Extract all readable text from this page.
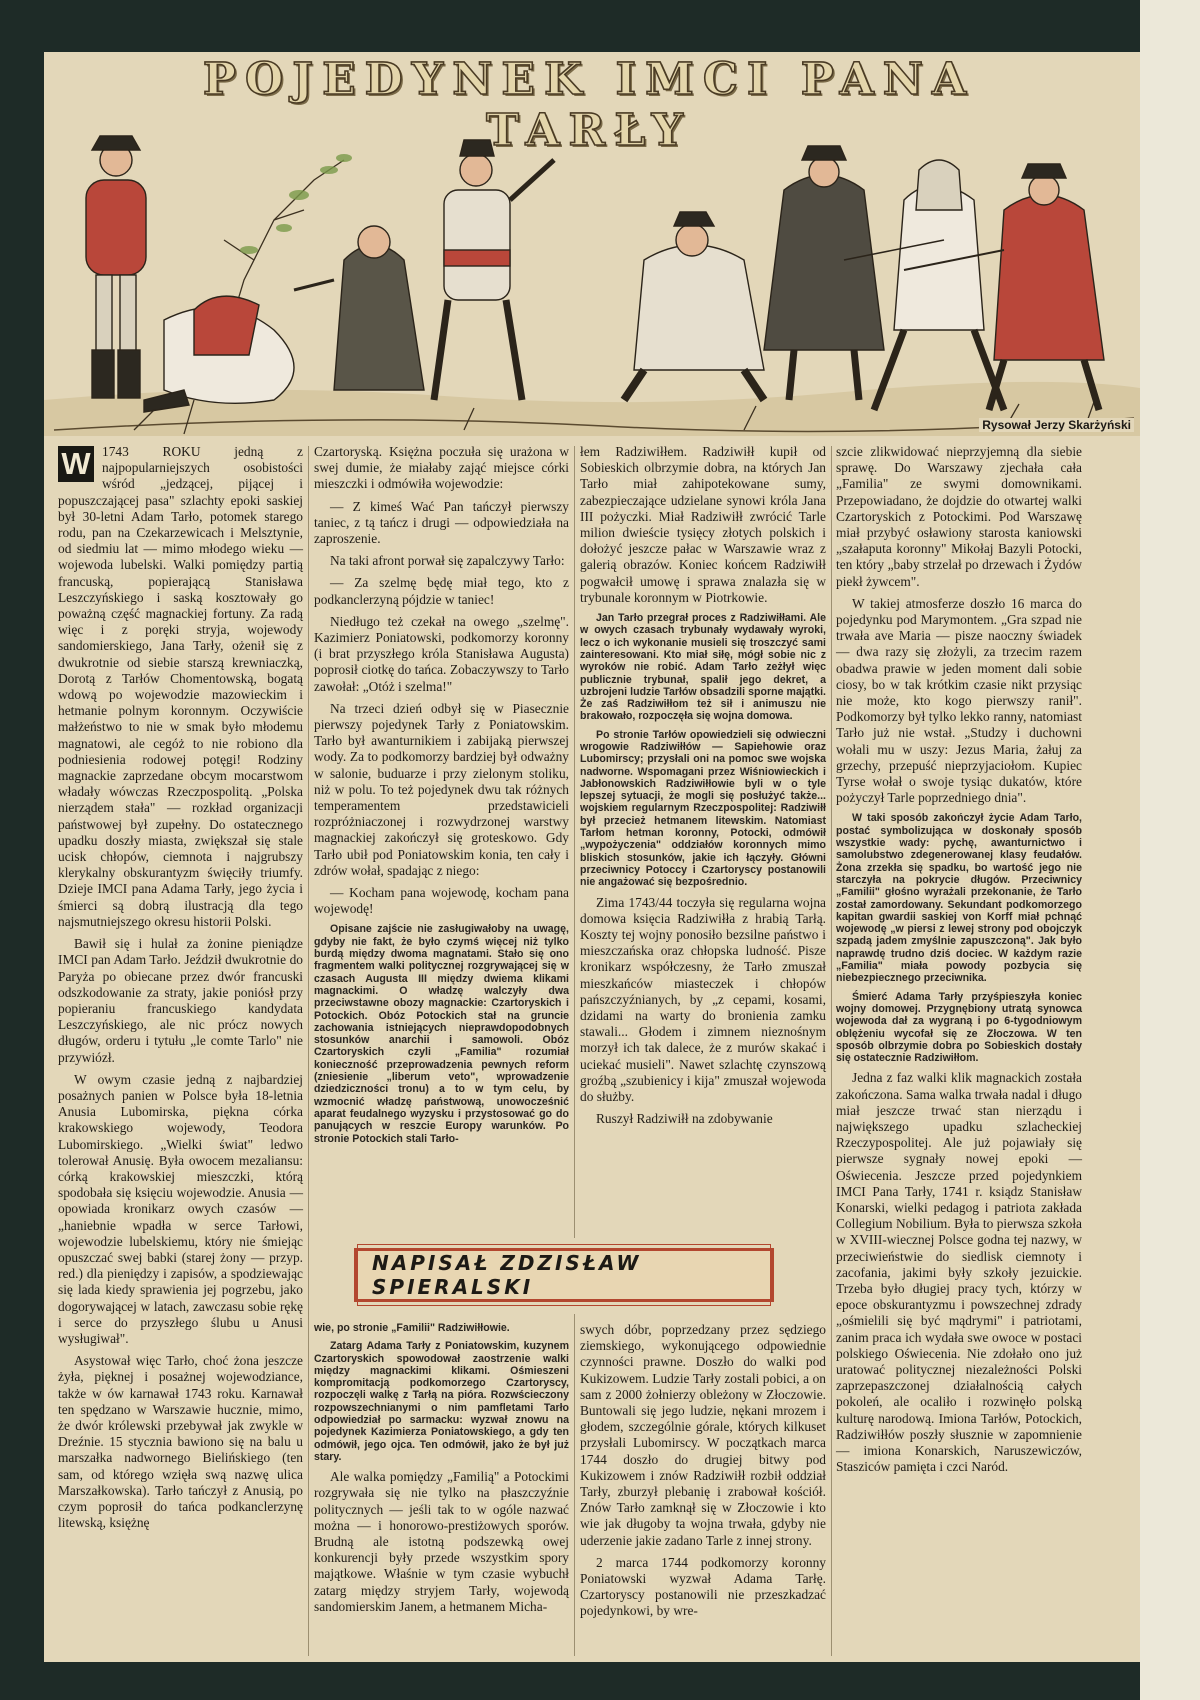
POJEDYNEK IMCI PANA TARŁY
Rysował Jerzy Skarżyński

W 1743 ROKU jedną z najpopularniejszych osobistości wśród „jedzącej, pijącej i popuszczającej pasa" szlachty epoki saskiej był 30-letni Adam Tarło, potomek starego rodu, pan na Czekarzewicach i Melsztynie, od siedmiu lat — mimo młodego wieku — wojewoda lubelski. Walki pomiędzy partią francuską, popierającą Stanisława Leszczyńskiego i saską kosztowały go poważną część magnackiej fortuny. Za radą więc i z poręki stryja, wojewody sandomierskiego, Jana Tarły, ożenił się z dwukrotnie od siebie starszą krewniaczką, Dorotą z Tarłów Chomentowską, bogatą wdową po wojewodzie mazowieckim i hetmanie polnym koronnym. Oczywiście małżeństwo to nie w smak było młodemu magnatowi, ale cegóż to nie robiono dla podniesienia rodowej potęgi! Rodziny magnackie zaprzedane obcym mocarstwom władały wówczas Rzeczpospolitą. „Polska nierządem stała" — rozkład organizacji państwowej był zupełny. Do ostatecznego upadku doszły miasta, zwiększał się stale ucisk chłopów, ciemnota i najgrubszy klerykalny obskurantyzm święciły triumfy. Dzieje IMCI pana Adama Tarły, jego życia i śmierci są dobrą ilustracją dla tego najsmutniejszego okresu historii Polski.

Bawił się i hulał za żonine pieniądze IMCI pan Adam Tarło. Jeździł dwukrotnie do Paryża po obiecane przez dwór francuski odszkodowanie za straty, jakie poniósł przy popieraniu francuskiego kandydata Leszczyńskiego, ale nic prócz nowych długów, orderu i tytułu „le comte Tarlo" nie przywiózł.

W owym czasie jedną z najbardziej posażnych panien w Polsce była 18-letnia Anusia Lubomirska, piękna córka krakowskiego wojewody, Teodora Lubomirskiego. „Wielki świat" ledwo tolerował Anusię. Była owocem mezaliansu: córką krakowskiej mieszczki, którą spodobała się księciu wojewodzie. Anusia — opowiada kronikarz owych czasów — „haniebnie wpadła w serce Tarłowi, wojewodzie lubelskiemu, który nie śmiejąc opuszczać swej babki (starej żony — przyp. red.) dla pieniędzy i zapisów, a spodziewając się lada kiedy sprawienia jej pogrzebu, jako dogorywającej w latach, zawczasu sobie rękę i serce do przyszłego ślubu u Anusi wysługiwał".

Asystował więc Tarło, choć żona jeszcze żyła, pięknej i posażnej wojewodziance, także w ów karnawał 1743 roku. Karnawał ten spędzano w Warszawie hucznie, mimo, że dwór królewski przebywał jak zwykle w Dreźnie. 15 stycznia bawiono się na balu u marszałka nadwornego Bielińskiego (ten sam, od którego wzięła swą nazwę ulica Marszałkowska). Tarło tańczył z Anusią, po czym poprosił do tańca podkanclerzynę litewską, księżnę

Czartoryską. Księżna poczuła się urażona w swej dumie, że miałaby zająć miejsce córki mieszczki i odmówiła wojewodzie:

— Z kimeś Wać Pan tańczył pierwszy taniec, z tą tańcz i drugi — odpowiedziała na zaproszenie.

Na taki afront porwał się zapalczywy Tarło:

— Za szelmę będę miał tego, kto z podkanclerzyną pójdzie w taniec!

Niedługo też czekał na owego „szelmę". Kazimierz Poniatowski, podkomorzy koronny (i brat przyszłego króla Stanisława Augusta) poprosił ciotkę do tańca. Zobaczywszy to Tarło zawołał: „Otóż i szelma!"

Na trzeci dzień odbył się w Piasecznie pierwszy pojedynek Tarły z Poniatowskim. Tarło był awanturnikiem i zabijaką pierwszej wody. Za to podkomorzy bardziej był odważny w salonie, buduarze i przy zielonym stoliku, niż w polu. To też pojedynek dwu tak różnych temperamentem przedstawicieli rozpróżniaczonej i rozwydrzonej warstwy magnackiej zakończył się groteskowo. Gdy Tarło ubił pod Poniatowskim konia, ten cały i zdrów wołał, spadając z niego:

— Kocham pana wojewodę, kocham pana wojewodę!

Opisane zajście nie zasługiwałoby na uwagę, gdyby nie fakt, że było czymś więcej niż tylko burdą między dwoma magnatami. Stało się ono fragmentem walki politycznej rozgrywającej się w czasach Augusta III między dwiema klikami magnackimi. O władzę walczyły dwa przeciwstawne obozy magnackie: Czartoryskich i Potockich. Obóz Potockich stał na gruncie zachowania istniejących nieprawdopodobnych stosunków anarchii i samowoli. Obóz Czartoryskich czyli „Familia" rozumiał konieczność przeprowadzenia pewnych reform (zniesienie „liberum veto", wprowadzenie dziedziczności tronu) a to w tym celu, by wzmocnić władzę państwową, unowocześnić aparat feudalnego wyzysku i przystosować go do panujących w reszcie Europy warunków. Po stronie Potockich stali Tarło-

łem Radziwiłłem. Radziwiłł kupił od Sobieskich olbrzymie dobra, na których Jan Tarło miał zahipotekowane sumy, zabezpieczające udzielane synowi króla Jana III pożyczki. Miał Radziwiłł zwrócić Tarle milion dwieście tysięcy złotych polskich i dołożyć jeszcze pałac w Warszawie wraz z galerią obrazów. Koniec końcem Radziwiłł pogwałcił umowę i sprawa znalazła się w trybunale koronnym w Piotrkowie.

Jan Tarło przegrał proces z Radziwiłłami. Ale w owych czasach trybunały wydawały wyroki, lecz o ich wykonanie musieli się troszczyć sami zainteresowani. Kto miał siłę, mógł sobie nic z wyroków nie robić. Adam Tarło zeżłył więc publicznie trybunał, spalił jego dekret, a uzbrojeni ludzie Tarłów obsadzili sporne majątki. Że zaś Radziwiłłom też sił i animuszu nie brakowało, rozpoczęła się wojna domowa.

Po stronie Tarłów opowiedzieli się odwieczni wrogowie Radziwiłłów — Sapiehowie oraz Lubomirscy; przysłali oni na pomoc swe wojska nadworne. Wspomagani przez Wiśniowieckich i Jabłonowskich Radziwiłłowie byli w o tyle lepszej sytuacji, że mogli się posłużyć także... wojskiem regularnym Rzeczpospolitej: Radziwiłł był przecież hetmanem litewskim. Natomiast Tarłom hetman koronny, Potocki, odmówił „wypożyczenia" oddziałów koronnych mimo bliskich stosunków, jakie ich łączyły. Główni przeciwnicy Potoccy i Czartoryscy postanowili nie angażować się bezpośrednio.

Zima 1743/44 toczyła się regularna wojna domowa księcia Radziwiłła z hrabią Tarłą. Koszty tej wojny ponosiło bezsilne państwo i mieszczańska oraz chłopska ludność. Pisze kronikarz współczesny, że Tarło zmuszał mieszkańców miasteczek i chłopów pańszczyźnianych, by „z cepami, kosami, dzidami na warty do bronienia zamku stawali... Głodem i zimnem nieznośnym morzył ich tak dalece, że z murów skakać i uciekać musieli". Nawet szlachtę czynszową groźbą „szubienicy i kija" zmuszał wojewoda do służby.

Ruszył Radziwiłł na zdobywanie

NAPISAŁ ZDZISŁAW SPIERALSKI

wie, po stronie „Familii" Radziwiłłowie.

Zatarg Adama Tarły z Poniatowskim, kuzynem Czartoryskich spowodował zaostrzenie walki między magnackimi klikami. Ośmieszeni kompromitacją podkomorzego Czartoryscy, rozpoczęli walkę z Tarłą na pióra. Rozwścieczony rozpowszechnianymi o nim pamfletami Tarło odpowiedział po sarmacku: wyzwał znowu na pojedynek Kazimierza Poniatowskiego, a gdy ten odmówił, jego ojca. Ten odmówił, jako że był już stary.

Ale walka pomiędzy „Familią" a Potockimi rozgrywała się nie tylko na płaszczyźnie politycznych — jeśli tak to w ogóle nazwać można — i honorowo-prestiżowych sporów. Brudną ale istotną podszewką owej konkurencji były przede wszystkim spory majątkowe. Właśnie w tym czasie wybuchł zatarg między stryjem Tarły, wojewodą sandomierskim Janem, a hetmanem Micha-

swych dóbr, poprzedzany przez sędziego ziemskiego, wykonującego odpowiednie czynności prawne. Doszło do walki pod Kukizowem. Ludzie Tarły zostali pobici, a on sam z 2000 żołnierzy obleżony w Złoczowie. Buntowali się jego ludzie, nękani mrozem i głodem, szczególnie górale, których kilkuset przysłali Lubomirscy. W początkach marca 1744 doszło do drugiej bitwy pod Kukizowem i znów Radziwiłł rozbił oddział Tarły, zburzył plebanię i zrabował kościół. Znów Tarło zamknął się w Złoczowie i kto wie jak długoby ta wojna trwała, gdyby nie uderzenie jakie zadano Tarle z innej strony.

2 marca 1744 podkomorzy koronny Poniatowski wyzwał Adama Tarłę. Czartoryscy postanowili nie przeszkadzać pojedynkowi, by wre-

szcie zlikwidować nieprzyjemną dla siebie sprawę. Do Warszawy zjechała cała „Familia" ze swymi domownikami. Przepowiadano, że dojdzie do otwartej walki Czartoryskich z Potockimi. Pod Warszawę miał przybyć osławiony starosta kaniowski „szałaputa koronny" Mikołaj Bazyli Potocki, ten który „baby strzelał po drzewach i Żydów piekł żywcem".

W takiej atmosferze doszło 16 marca do pojedynku pod Marymontem. „Gra szpad nie trwała ave Maria — pisze naoczny świadek — dwa razy się złożyli, za trzecim razem obadwa prawie w jeden moment dali sobie ciosy, bo w tak krótkim czasie nikt przysiąc nie może, kto kogo pierwszy ranił". Podkomorzy był tylko lekko ranny, natomiast Tarło już nie wstał. „Studzy i duchowni wołali mu w uszy: Jezus Maria, żałuj za grzechy, przepuść nieprzyjaciołom. Kupiec Tyrse wołał o swoje tysiąc dukatów, które pożyczył Tarle poprzedniego dnia".

W taki sposób zakończył życie Adam Tarło, postać symbolizująca w doskonały sposób wszystkie wady: pychę, awanturnictwo i samolubstwo zdegenerowanej klasy feudałów. Żona zrzekła się spadku, bo wartość jego nie starczyła na pokrycie długów. Przeciwnicy „Familii" głośno wyrażali przekonanie, że Tarło został zamordowany. Sekundant podkomorzego kapitan gwardii saskiej von Korff miał pchnąć wojewodę „w piersi z lewej strony pod obojczyk szpadą jadem zmyślnie zapuszczoną". Jak było naprawdę trudno dziś dociec. W każdym razie „Familia" miała powody pozbycia się niebezpiecznego przeciwnika.

Śmierć Adama Tarły przyśpieszyła koniec wojny domowej. Przygnębiony utratą synowca wojewoda dał za wygraną i po 6-tygodniowym oblężeniu wycofał się ze Złoczowa. W ten sposób olbrzymie dobra po Sobieskich dostały się ostatecznie Radziwiłłom.

Jedna z faz walki klik magnackich została zakończona. Sama walka trwała nadal i długo miał jeszcze trwać stan nierządu i największego upadku szlacheckiej Rzeczypospolitej. Ale już pojawiały się pierwsze sygnały nowej epoki — Oświecenia. Jeszcze przed pojedynkiem IMCI Pana Tarły, 1741 r. ksiądz Stanisław Konarski, wielki pedagog i patriota zakłada Collegium Nobilium. Była to pierwsza szkoła w XVIII-wiecznej Polsce godna tej nazwy, w przeciwieństwie do siedlisk ciemnoty i zacofania, jakimi były szkoły jezuickie. Trzeba było długiej pracy tych, którzy w epoce obskurantyzmu i powszechnej zdrady „ośmielili się być mądrymi" i patriotami, zanim praca ich wydała swe owoce w postaci polskiego Oświecenia. Nie zdołało ono już uratować politycznej niezależności Polski zaprzepaszczonej działalnością całych pokoleń, ale ocaliło i rozwinęło polską kulturę narodową. Imiona Tarłów, Potockich, Radziwiłłów poszły słusznie w zapomnienie — imiona Konarskich, Naruszewiczów, Stasziców pamięta i czci Naród.
